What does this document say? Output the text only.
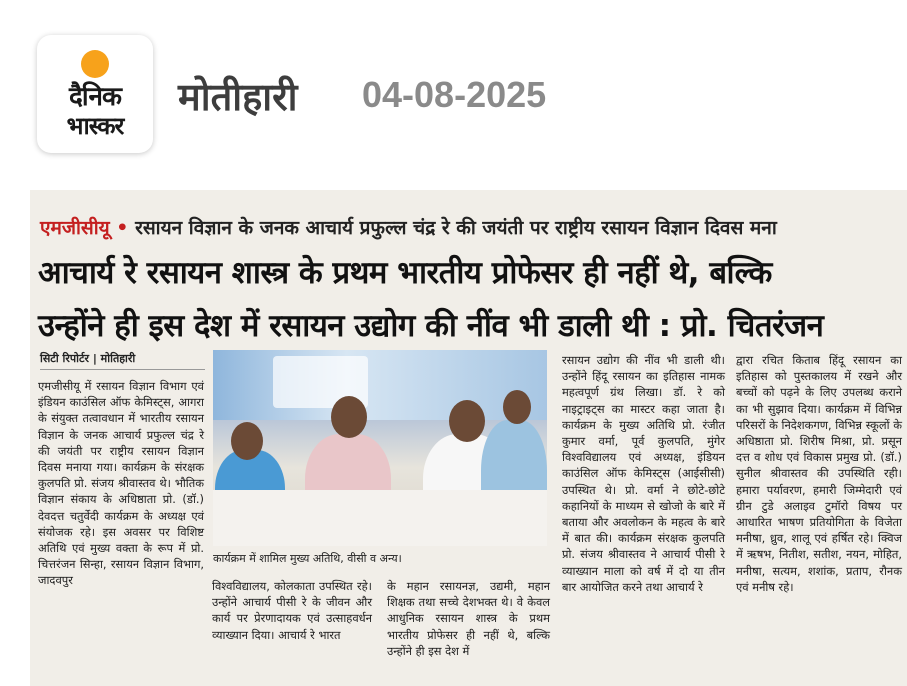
दैनिक
भास्कर
मोतीहारी 04-08-2025
एमजीसीयू • रसायन विज्ञान के जनक आचार्य प्रफुल्ल चंद्र रे की जयंती पर राष्ट्रीय रसायन विज्ञान दिवस मना
आचार्य रे रसायन शास्त्र के प्रथम भारतीय प्रोफेसर ही नहीं थे, बल्कि
उन्होंने ही इस देश में रसायन उद्योग की नींव भी डाली थी : प्रो. चितरंजन
सिटी रिपोर्टर | मोतिहारी
एमजीसीयू में रसायन विज्ञान विभाग एवं इंडियन काउंसिल ऑफ केमिस्ट्स, आगरा के संयुक्त तत्वावधान में भारतीय रसायन विज्ञान के जनक आचार्य प्रफुल्ल चंद्र रे की जयंती पर राष्ट्रीय रसायन विज्ञान दिवस मनाया गया। कार्यक्रम के संरक्षक कुलपति प्रो. संजय श्रीवास्तव थे। भौतिक विज्ञान संकाय के अधिष्ठाता प्रो. (डॉ.) देवदत्त चतुर्वेदी कार्यक्रम के अध्यक्ष एवं संयोजक रहे। इस अवसर पर विशिष्ट अतिथि एवं मुख्य वक्ता के रूप में प्रो. चित्तरंजन सिन्हा, रसायन विज्ञान विभाग, जादवपुर
कार्यक्रम में शामिल मुख्य अतिथि, वीसी व अन्य।
विश्वविद्यालय, कोलकाता उपस्थित रहे। उन्होंने आचार्य पीसी रे के जीवन और कार्य पर प्रेरणादायक एवं उत्साहवर्धन व्याख्यान दिया। आचार्य रे भारत
के महान रसायनज्ञ, उद्यमी, महान शिक्षक तथा सच्चे देशभक्त थे। वे केवल आधुनिक रसायन शास्त्र के प्रथम भारतीय प्रोफेसर ही नहीं थे, बल्कि उन्होंने ही इस देश में
रसायन उद्योग की नींव भी डाली थी। उन्होंने हिंदू रसायन का इतिहास नामक महत्वपूर्ण ग्रंथ लिखा। डॉ. रे को नाइट्राइट्स का मास्टर कहा जाता है। कार्यक्रम के मुख्य अतिथि प्रो. रंजीत कुमार वर्मा, पूर्व कुलपति, मुंगेर विश्वविद्यालय एवं अध्यक्ष, इंडियन काउंसिल ऑफ केमिस्ट्स (आईसीसी) उपस्थित थे। प्रो. वर्मा ने छोटे-छोटे कहानियों के माध्यम से खोजो के बारे में बताया और अवलोकन के महत्व के बारे में बात की। कार्यक्रम संरक्षक कुलपति प्रो. संजय श्रीवास्तव ने आचार्य पीसी रे व्याख्यान माला को वर्ष में दो या तीन बार आयोजित करने तथा आचार्य रे
द्वारा रचित किताब हिंदू रसायन का इतिहास को पुस्तकालय में रखने और बच्चों को पढ़ने के लिए उपलब्ध कराने का भी सुझाव दिया। कार्यक्रम में विभिन्न परिसरों के निदेशकगण, विभिन्न स्कूलों के अधिष्ठाता प्रो. शिरीष मिश्रा, प्रो. प्रसून दत्त व शोध एवं विकास प्रमुख प्रो. (डॉ.) सुनील श्रीवास्तव की उपस्थिति रही। हमारा पर्यावरण, हमारी जिम्मेदारी एवं ग्रीन टुडे अलाइव टुमॉरो विषय पर आधारित भाषण प्रतियोगिता के विजेता मनीषा, ध्रुव, शालू एवं हर्षित रहे। क्विज में ऋषभ, नितीश, सतीश, नयन, मोहित, मनीषा, सत्यम, शशांक, प्रताप, रौनक एवं मनीष रहे।
